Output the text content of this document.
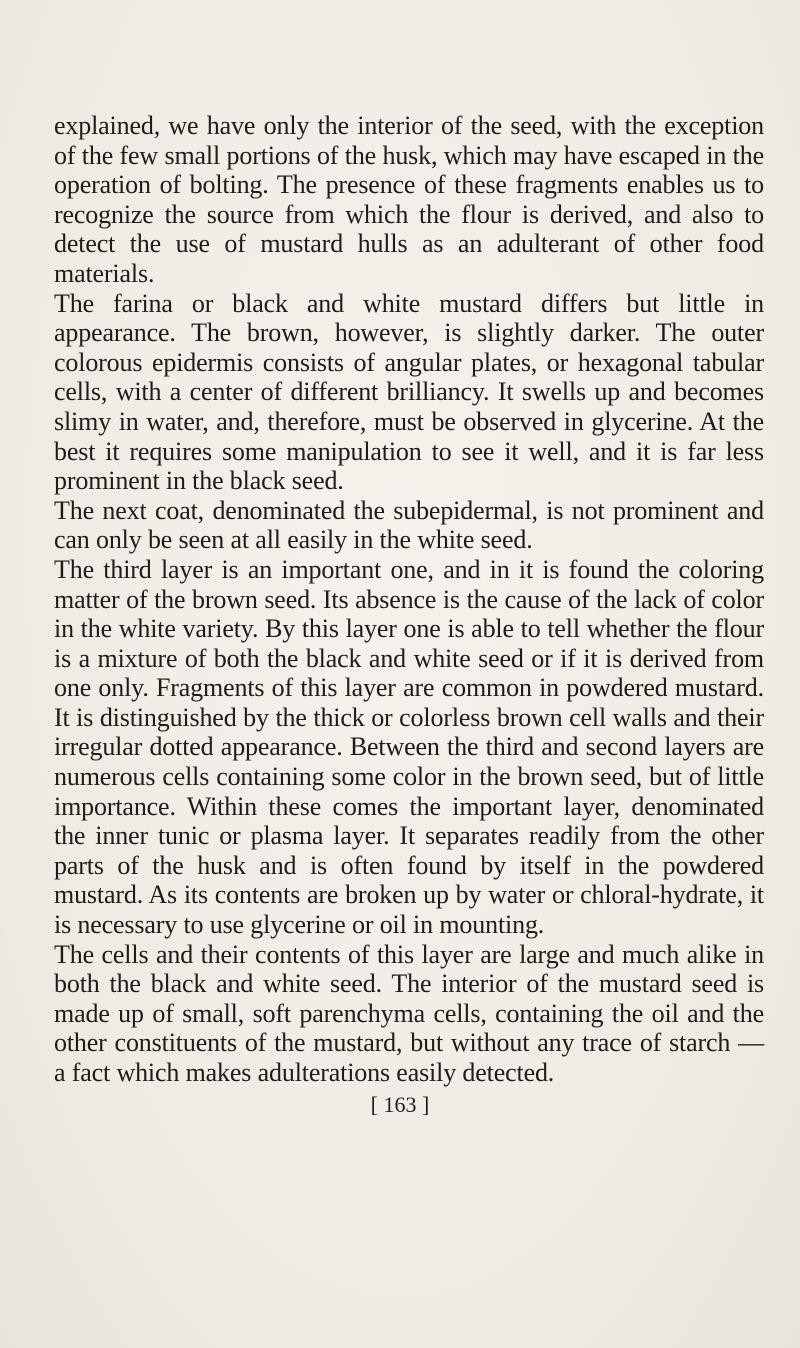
explained, we have only the interior of the seed, with the exception of the few small portions of the husk, which may have escaped in the operation of bolting. The presence of these fragments enables us to recognize the source from which the flour is derived, and also to detect the use of mustard hulls as an adulterant of other food materials.

The farina or black and white mustard differs but little in appearance. The brown, however, is slightly darker. The outer colorous epidermis consists of angular plates, or hexagonal tabular cells, with a center of different brilliancy. It swells up and becomes slimy in water, and, therefore, must be observed in glycerine. At the best it requires some manipulation to see it well, and it is far less prominent in the black seed.

The next coat, denominated the subepidermal, is not prominent and can only be seen at all easily in the white seed.

The third layer is an important one, and in it is found the coloring matter of the brown seed. Its absence is the cause of the lack of color in the white variety. By this layer one is able to tell whether the flour is a mixture of both the black and white seed or if it is derived from one only. Fragments of this layer are common in powdered mustard. It is distinguished by the thick or colorless brown cell walls and their irregular dotted appearance. Between the third and second layers are numerous cells containing some color in the brown seed, but of little importance. Within these comes the important layer, denominated the inner tunic or plasma layer. It separates readily from the other parts of the husk and is often found by itself in the powdered mustard. As its contents are broken up by water or chloral-hydrate, it is necessary to use glycerine or oil in mounting.

The cells and their contents of this layer are large and much alike in both the black and white seed. The interior of the mustard seed is made up of small, soft parenchyma cells, containing the oil and the other constituents of the mustard, but without any trace of starch — a fact which makes adulterations easily detected.

[ 163 ]
